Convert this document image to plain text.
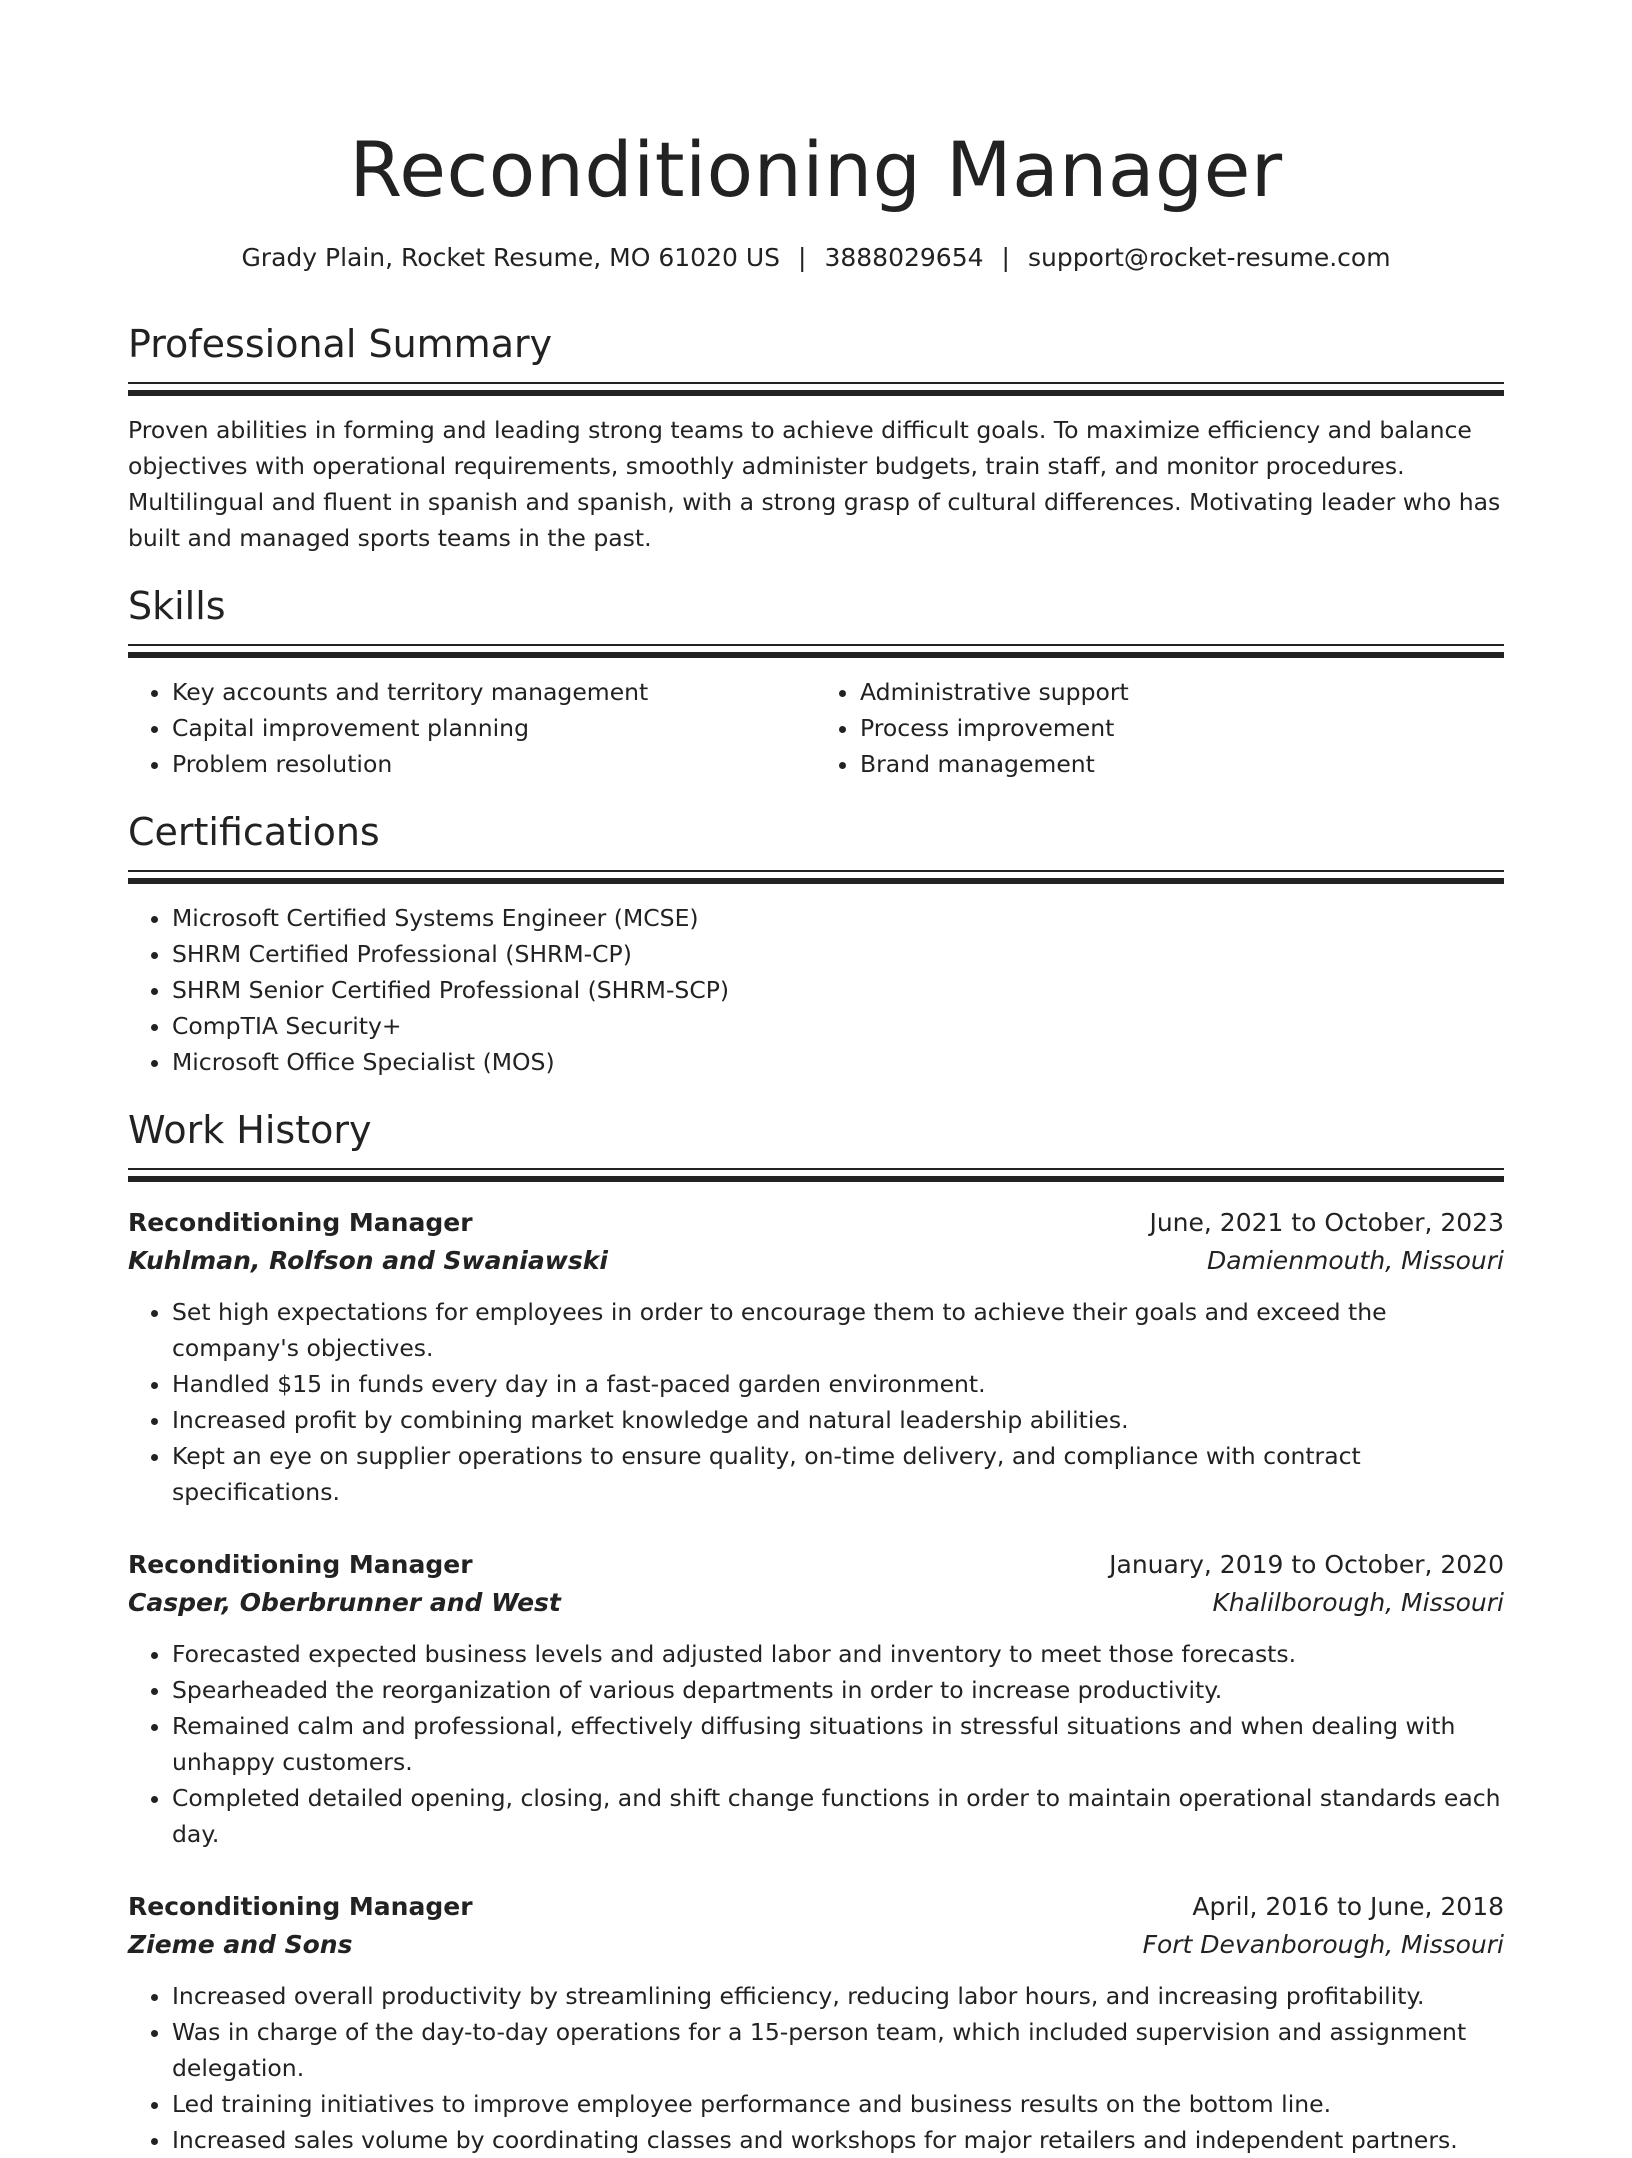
Reconditioning Manager
Grady Plain, Rocket Resume, MO 61020 US | 3888029654 | support@rocket-resume.com
Professional Summary

Proven abilities in forming and leading strong teams to achieve difficult goals. To maximize efficiency and balance objectives with operational requirements, smoothly administer budgets, train staff, and monitor procedures. Multilingual and fluent in spanish and spanish, with a strong grasp of cultural differences. Motivating leader who has built and managed sports teams in the past.

Skills
• Key accounts and territory management
• Capital improvement planning
• Problem resolution
• Administrative support
• Process improvement
• Brand management
Certifications
• Microsoft Certified Systems Engineer (MCSE)
• SHRM Certified Professional (SHRM-CP)
• SHRM Senior Certified Professional (SHRM-SCP)
• CompTIA Security+
• Microsoft Office Specialist (MOS)
Work History
Reconditioning Manager	June, 2021 to October, 2023
Kuhlman, Rolfson and Swaniawski	Damienmouth, Missouri
• Set high expectations for employees in order to encourage them to achieve their goals and exceed the company's objectives.
• Handled $15 in funds every day in a fast-paced garden environment.
• Increased profit by combining market knowledge and natural leadership abilities.
• Kept an eye on supplier operations to ensure quality, on-time delivery, and compliance with contract specifications.
Reconditioning Manager	January, 2019 to October, 2020
Casper, Oberbrunner and West	Khalilborough, Missouri
• Forecasted expected business levels and adjusted labor and inventory to meet those forecasts.
• Spearheaded the reorganization of various departments in order to increase productivity.
• Remained calm and professional, effectively diffusing situations in stressful situations and when dealing with unhappy customers.
• Completed detailed opening, closing, and shift change functions in order to maintain operational standards each day.
Reconditioning Manager	April, 2016 to June, 2018
Zieme and Sons	Fort Devanborough, Missouri
• Increased overall productivity by streamlining efficiency, reducing labor hours, and increasing profitability.
• Was in charge of the day-to-day operations for a 15-person team, which included supervision and assignment delegation.
• Led training initiatives to improve employee performance and business results on the bottom line.
• Increased sales volume by coordinating classes and workshops for major retailers and independent partners.
